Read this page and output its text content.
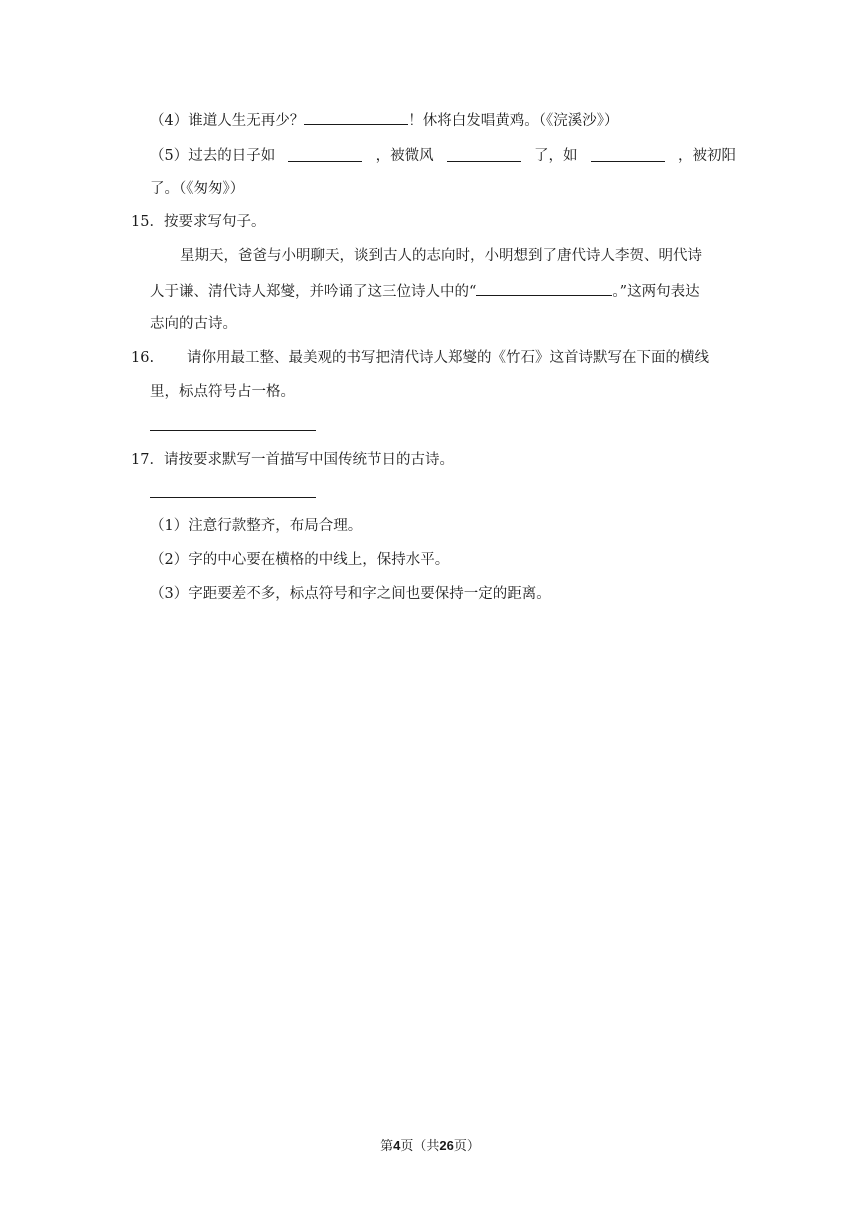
（4）谁道人生无再少？	！休将白发唱黄鸡。（《浣溪沙》）
（5）过去的日子如	，被微风	了，如	，被初阳
了。（《匆匆》）
15．按要求写句子。
星期天，爸爸与小明聊天，谈到古人的志向时，小明想到了唐代诗人李贺、明代诗
人于谦、清代诗人郑燮，并吟诵了这三位诗人中的“	。”这两句表达
志向的古诗。
16. 请你用最工整、最美观的书写把清代诗人郑燮的《竹石》这首诗默写在下面的横线
里，标点符号占一格。
17．请按要求默写一首描写中国传统节日的古诗。
（1）注意行款整齐，布局合理。
（2）字的中心要在横格的中线上，保持水平。
（3）字距要差不多，标点符号和字之间也要保持一定的距离。
第4页（共26页）
